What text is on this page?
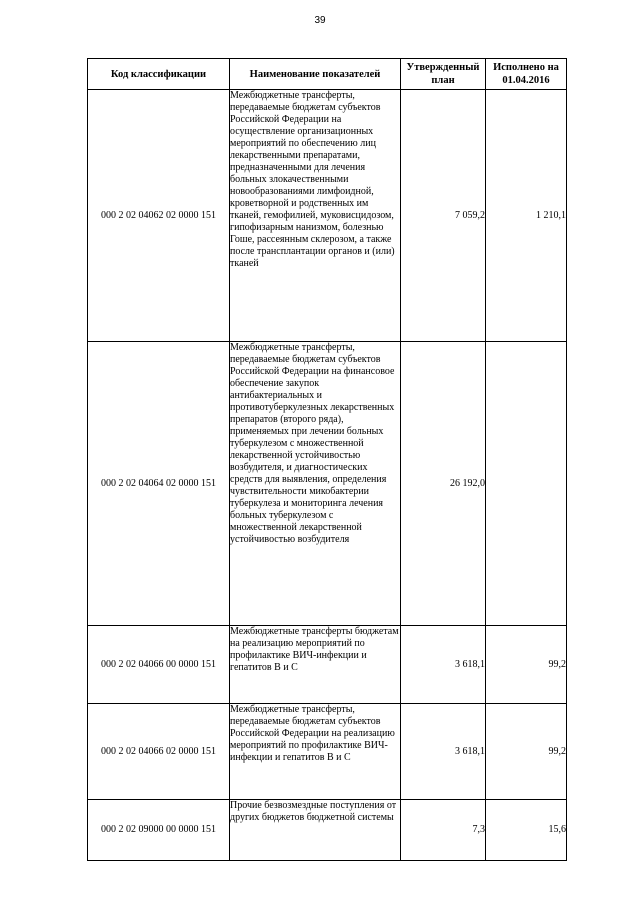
39
Код классификации	Наименование показателей	Утвержденный план	Исполнено на 01.04.2016
000 2 02 04062 02 0000 151	Межбюджетные трансферты, передаваемые бюджетам субъектов Российской Федерации на осуществление организационных мероприятий по обеспечению лиц лекарственными препаратами, предназначенными для лечения больных злокачественными новообразованиями лимфоидной, кроветворной и родственных им тканей, гемофилией, муковисцидозом, гипофизарным нанизмом, болезнью Гоше, рассеянным склерозом, а также после трансплантации органов и (или) тканей	7 059,2	1 210,1
000 2 02 04064 02 0000 151	Межбюджетные трансферты, передаваемые бюджетам субъектов Российской Федерации на финансовое обеспечение закупок антибактериальных и противотуберкулезных лекарственных препаратов (второго ряда), применяемых при лечении больных туберкулезом с множественной лекарственной устойчивостью возбудителя, и диагностических средств для выявления, определения чувствительности микобактерии туберкулеза и мониторинга лечения больных туберкулезом с множественной лекарственной устойчивостью возбудителя	26 192,0	
000 2 02 04066 00 0000 151	Межбюджетные трансферты бюджетам на реализацию мероприятий по профилактике ВИЧ-инфекции и гепатитов В и С	3 618,1	99,2
000 2 02 04066 02 0000 151	Межбюджетные трансферты, передаваемые бюджетам субъектов Российской Федерации на реализацию мероприятий по профилактике ВИЧ-инфекции и гепатитов В и С	3 618,1	99,2
000 2 02 09000 00 0000 151	Прочие безвозмездные поступления от других бюджетов бюджетной системы	7,3	15,6
